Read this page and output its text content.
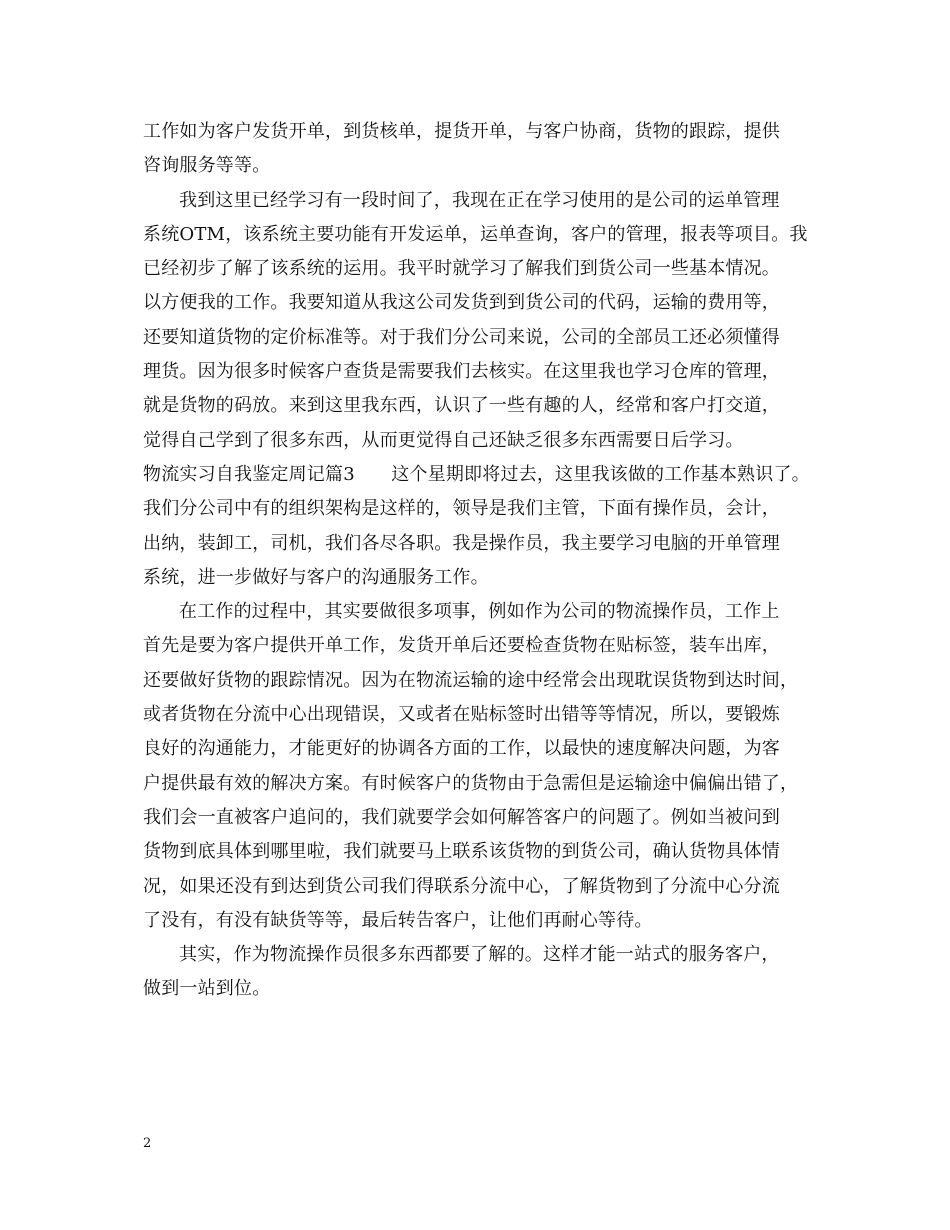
工作如为客户发货开单，到货核单，提货开单，与客户协商，货物的跟踪，提供
咨询服务等等。
我到这里已经学习有一段时间了，我现在正在学习使用的是公司的运单管理
系统OTM，该系统主要功能有开发运单，运单查询，客户的管理，报表等项目。我
已经初步了解了该系统的运用。我平时就学习了解我们到货公司一些基本情况。
以方便我的工作。我要知道从我这公司发货到到货公司的代码，运输的费用等，
还要知道货物的定价标准等。对于我们分公司来说，公司的全部员工还必须懂得
理货。因为很多时候客户查货是需要我们去核实。在这里我也学习仓库的管理，
就是货物的码放。来到这里我东西，认识了一些有趣的人，经常和客户打交道，
觉得自己学到了很多东西，从而更觉得自己还缺乏很多东西需要日后学习。
物流实习自我鉴定周记篇3　　这个星期即将过去，这里我该做的工作基本熟识了。
我们分公司中有的组织架构是这样的，领导是我们主管，下面有操作员，会计，
出纳，装卸工，司机，我们各尽各职。我是操作员，我主要学习电脑的开单管理
系统，进一步做好与客户的沟通服务工作。
在工作的过程中，其实要做很多项事，例如作为公司的物流操作员，工作上
首先是要为客户提供开单工作，发货开单后还要检查货物在贴标签，装车出库，
还要做好货物的跟踪情况。因为在物流运输的途中经常会出现耽误货物到达时间，
或者货物在分流中心出现错误，又或者在贴标签时出错等等情况，所以，要锻炼
良好的沟通能力，才能更好的协调各方面的工作，以最快的速度解决问题，为客
户提供最有效的解决方案。有时候客户的货物由于急需但是运输途中偏偏出错了，
我们会一直被客户追问的，我们就要学会如何解答客户的问题了。例如当被问到
货物到底具体到哪里啦，我们就要马上联系该货物的到货公司，确认货物具体情
况，如果还没有到达到货公司我们得联系分流中心，了解货物到了分流中心分流
了没有，有没有缺货等等，最后转告客户，让他们再耐心等待。
其实，作为物流操作员很多东西都要了解的。这样才能一站式的服务客户，
做到一站到位。
2
